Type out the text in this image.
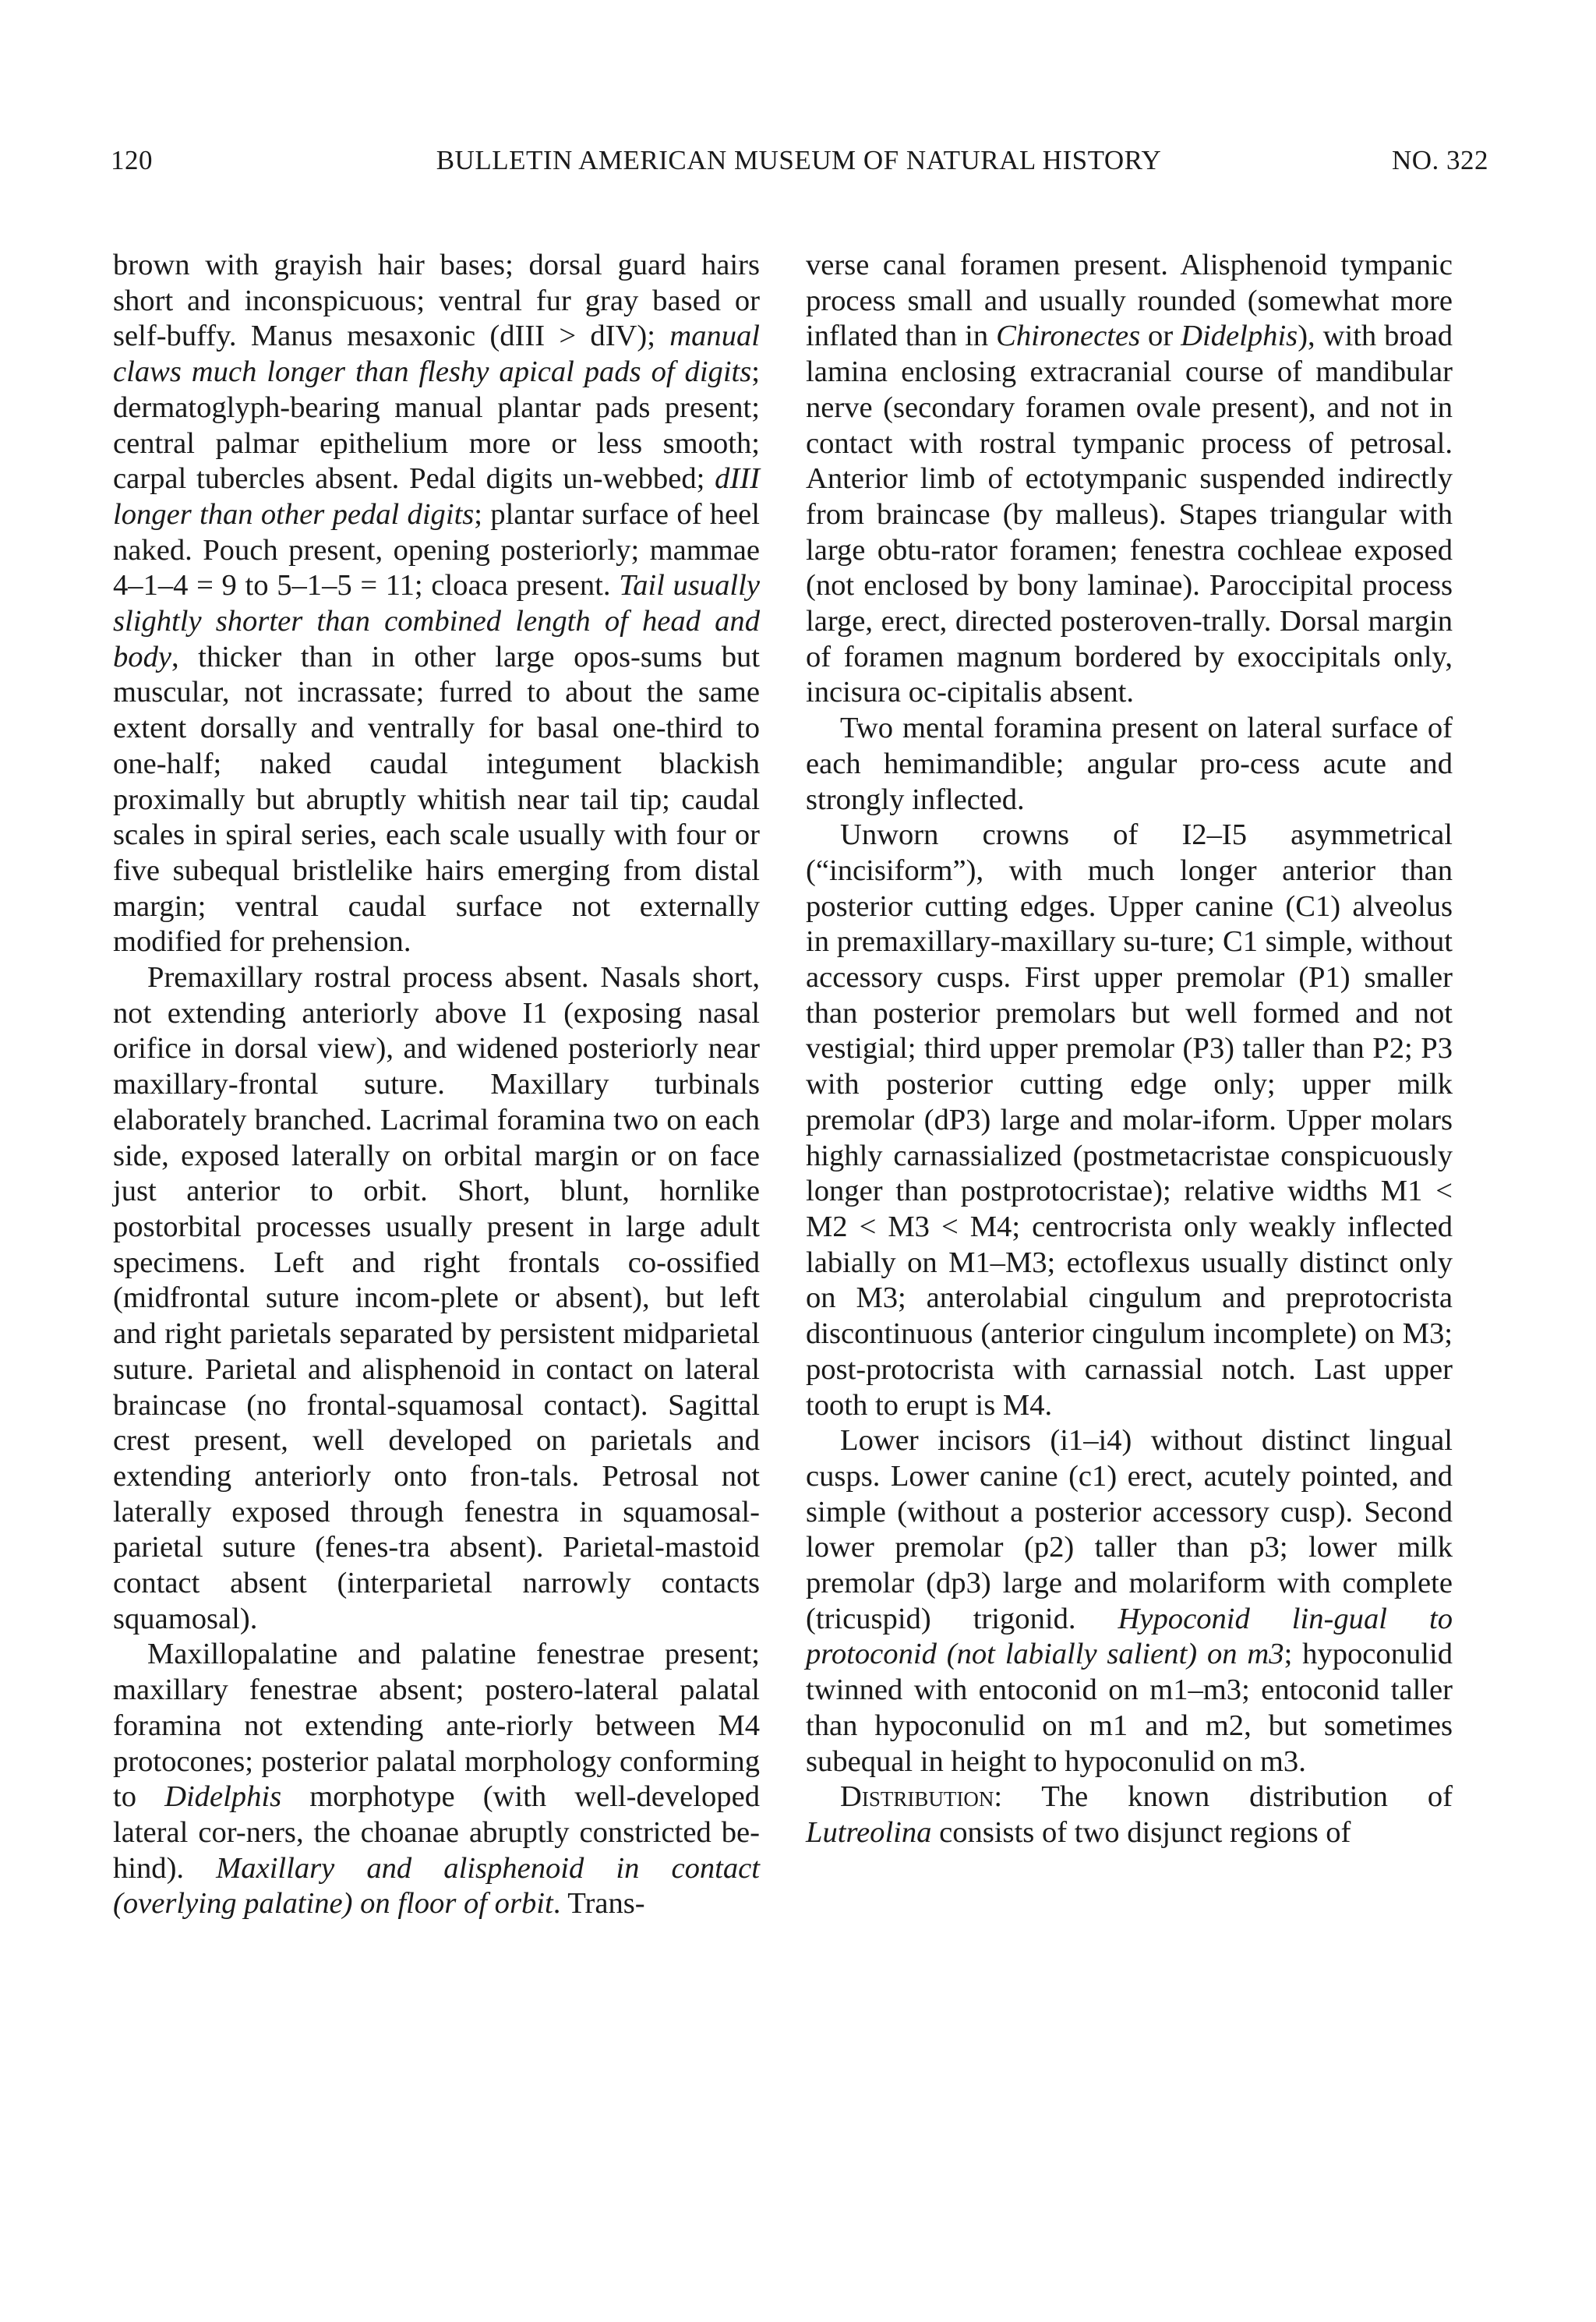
120	BULLETIN AMERICAN MUSEUM OF NATURAL HISTORY	NO. 322

brown with grayish hair bases; dorsal guard hairs short and inconspicuous; ventral fur gray based or self-buffy. Manus mesaxonic (dIII > dIV); manual claws much longer than fleshy apical pads of digits; dermatoglyph-bearing manual plantar pads present; central palmar epithelium more or less smooth; carpal tubercles absent. Pedal digits un-webbed; dIII longer than other pedal digits; plantar surface of heel naked. Pouch present, opening posteriorly; mammae 4–1–4 = 9 to 5–1–5 = 11; cloaca present. Tail usually slightly shorter than combined length of head and body, thicker than in other large opos-sums but muscular, not incrassate; furred to about the same extent dorsally and ventrally for basal one-third to one-half; naked caudal integument blackish proximally but abruptly whitish near tail tip; caudal scales in spiral series, each scale usually with four or five subequal bristlelike hairs emerging from distal margin; ventral caudal surface not externally modified for prehension.

Premaxillary rostral process absent. Nasals short, not extending anteriorly above I1 (exposing nasal orifice in dorsal view), and widened posteriorly near maxillary-frontal suture. Maxillary turbinals elaborately branched. Lacrimal foramina two on each side, exposed laterally on orbital margin or on face just anterior to orbit. Short, blunt, hornlike postorbital processes usually present in large adult specimens. Left and right frontals co-ossified (midfrontal suture incom-plete or absent), but left and right parietals separated by persistent midparietal suture. Parietal and alisphenoid in contact on lateral braincase (no frontal-squamosal contact). Sagittal crest present, well developed on parietals and extending anteriorly onto fron-tals. Petrosal not laterally exposed through fenestra in squamosal-parietal suture (fenes-tra absent). Parietal-mastoid contact absent (interparietal narrowly contacts squamosal).

Maxillopalatine and palatine fenestrae present; maxillary fenestrae absent; postero-lateral palatal foramina not extending ante-riorly between M4 protocones; posterior palatal morphology conforming to Didelphis morphotype (with well-developed lateral cor-ners, the choanae abruptly constricted be-hind). Maxillary and alisphenoid in contact (overlying palatine) on floor of orbit. Trans-

verse canal foramen present. Alisphenoid tympanic process small and usually rounded (somewhat more inflated than in Chironectes or Didelphis), with broad lamina enclosing extracranial course of mandibular nerve (secondary foramen ovale present), and not in contact with rostral tympanic process of petrosal. Anterior limb of ectotympanic suspended indirectly from braincase (by malleus). Stapes triangular with large obtu-rator foramen; fenestra cochleae exposed (not enclosed by bony laminae). Paroccipital process large, erect, directed posteroven-trally. Dorsal margin of foramen magnum bordered by exoccipitals only, incisura oc-cipitalis absent.

Two mental foramina present on lateral surface of each hemimandible; angular pro-cess acute and strongly inflected.

Unworn crowns of I2–I5 asymmetrical (“incisiform”), with much longer anterior than posterior cutting edges. Upper canine (C1) alveolus in premaxillary-maxillary su-ture; C1 simple, without accessory cusps. First upper premolar (P1) smaller than posterior premolars but well formed and not vestigial; third upper premolar (P3) taller than P2; P3 with posterior cutting edge only; upper milk premolar (dP3) large and molar-iform. Upper molars highly carnassialized (postmetacristae conspicuously longer than postprotocristae); relative widths M1 < M2 < M3 < M4; centrocrista only weakly inflected labially on M1–M3; ectoflexus usually distinct only on M3; anterolabial cingulum and preprotocrista discontinuous (anterior cingulum incomplete) on M3; post-protocrista with carnassial notch. Last upper tooth to erupt is M4.

Lower incisors (i1–i4) without distinct lingual cusps. Lower canine (c1) erect, acutely pointed, and simple (without a posterior accessory cusp). Second lower premolar (p2) taller than p3; lower milk premolar (dp3) large and molariform with complete (tricuspid) trigonid. Hypoconid lin-gual to protoconid (not labially salient) on m3; hypoconulid twinned with entoconid on m1–m3; entoconid taller than hypoconulid on m1 and m2, but sometimes subequal in height to hypoconulid on m3.

Distribution: The known distribution of Lutreolina consists of two disjunct regions of
